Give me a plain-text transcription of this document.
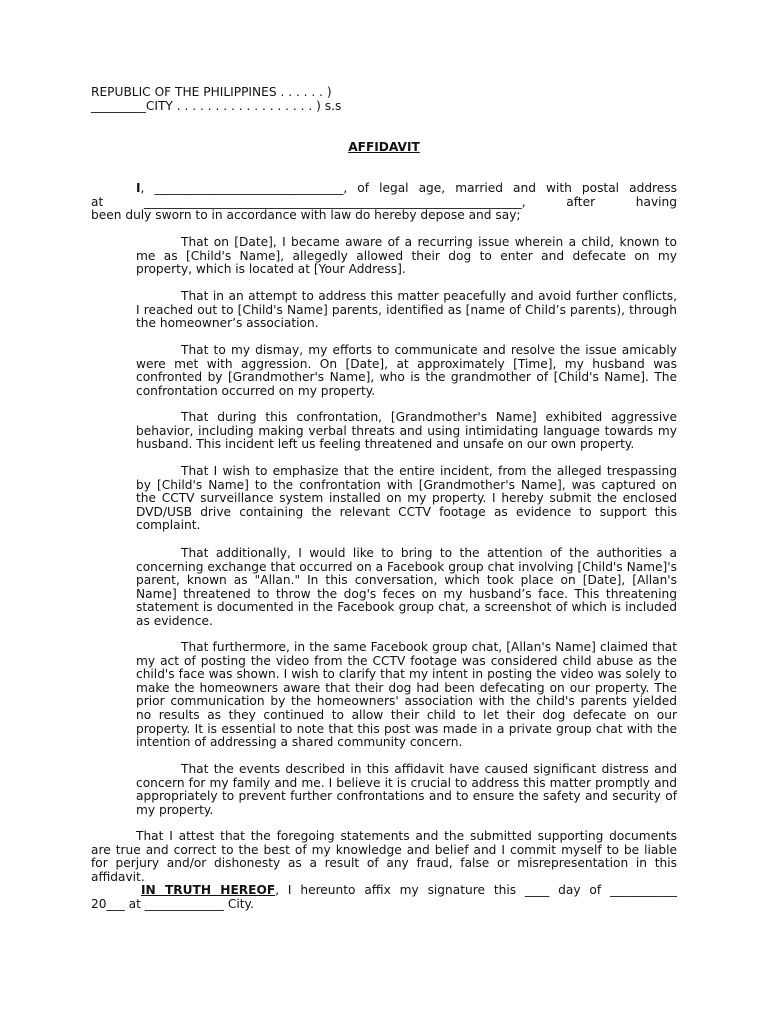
REPUBLIC OF THE PHILIPPINES . . . . . . )
_________CITY . . . . . . . . . . . . . . . . . . ) s.s
AFFIDAVIT
I, _______________________________, of legal age, married and with postal address
at ______________________________________________________________, after having
been duly sworn to in accordance with law do hereby depose and say;
That on [Date], I became aware of a recurring issue wherein a child, known to me as [Child's Name], allegedly allowed their dog to enter and defecate on my property, which is located at [Your Address].
That in an attempt to address this matter peacefully and avoid further conflicts, I reached out to [Child's Name] parents, identified as [name of Child’s parents), through the homeowner’s association.
That to my dismay, my efforts to communicate and resolve the issue amicably were met with aggression. On [Date], at approximately [Time], my husband was confronted by [Grandmother's Name], who is the grandmother of [Child's Name]. The confrontation occurred on my property.
That during this confrontation, [Grandmother's Name] exhibited aggressive behavior, including making verbal threats and using intimidating language towards my husband. This incident left us feeling threatened and unsafe on our own property.
That I wish to emphasize that the entire incident, from the alleged trespassing by [Child's Name] to the confrontation with [Grandmother's Name], was captured on the CCTV surveillance system installed on my property. I hereby submit the enclosed DVD/USB drive containing the relevant CCTV footage as evidence to support this complaint.
That additionally, I would like to bring to the attention of the authorities a concerning exchange that occurred on a Facebook group chat involving [Child's Name]'s parent, known as "Allan." In this conversation, which took place on [Date], [Allan's Name] threatened to throw the dog's feces on my husband’s face. This threatening statement is documented in the Facebook group chat, a screenshot of which is included as evidence.
That furthermore, in the same Facebook group chat, [Allan's Name] claimed that my act of posting the video from the CCTV footage was considered child abuse as the child's face was shown. I wish to clarify that my intent in posting the video was solely to make the homeowners aware that their dog had been defecating on our property. The prior communication by the homeowners' association with the child's parents yielded no results as they continued to allow their child to let their dog defecate on our property. It is essential to note that this post was made in a private group chat with the intention of addressing a shared community concern.
That the events described in this affidavit have caused significant distress and concern for my family and me. I believe it is crucial to address this matter promptly and appropriately to prevent further confrontations and to ensure the safety and security of my property.
That I attest that the foregoing statements and the submitted supporting documents are true and correct to the best of my knowledge and belief and I commit myself to be liable for perjury and/or dishonesty as a result of any fraud, false or misrepresentation in this affidavit.
IN TRUTH HEREOF, I hereunto affix my signature this ____ day of ___________
20___ at _____________ City.
